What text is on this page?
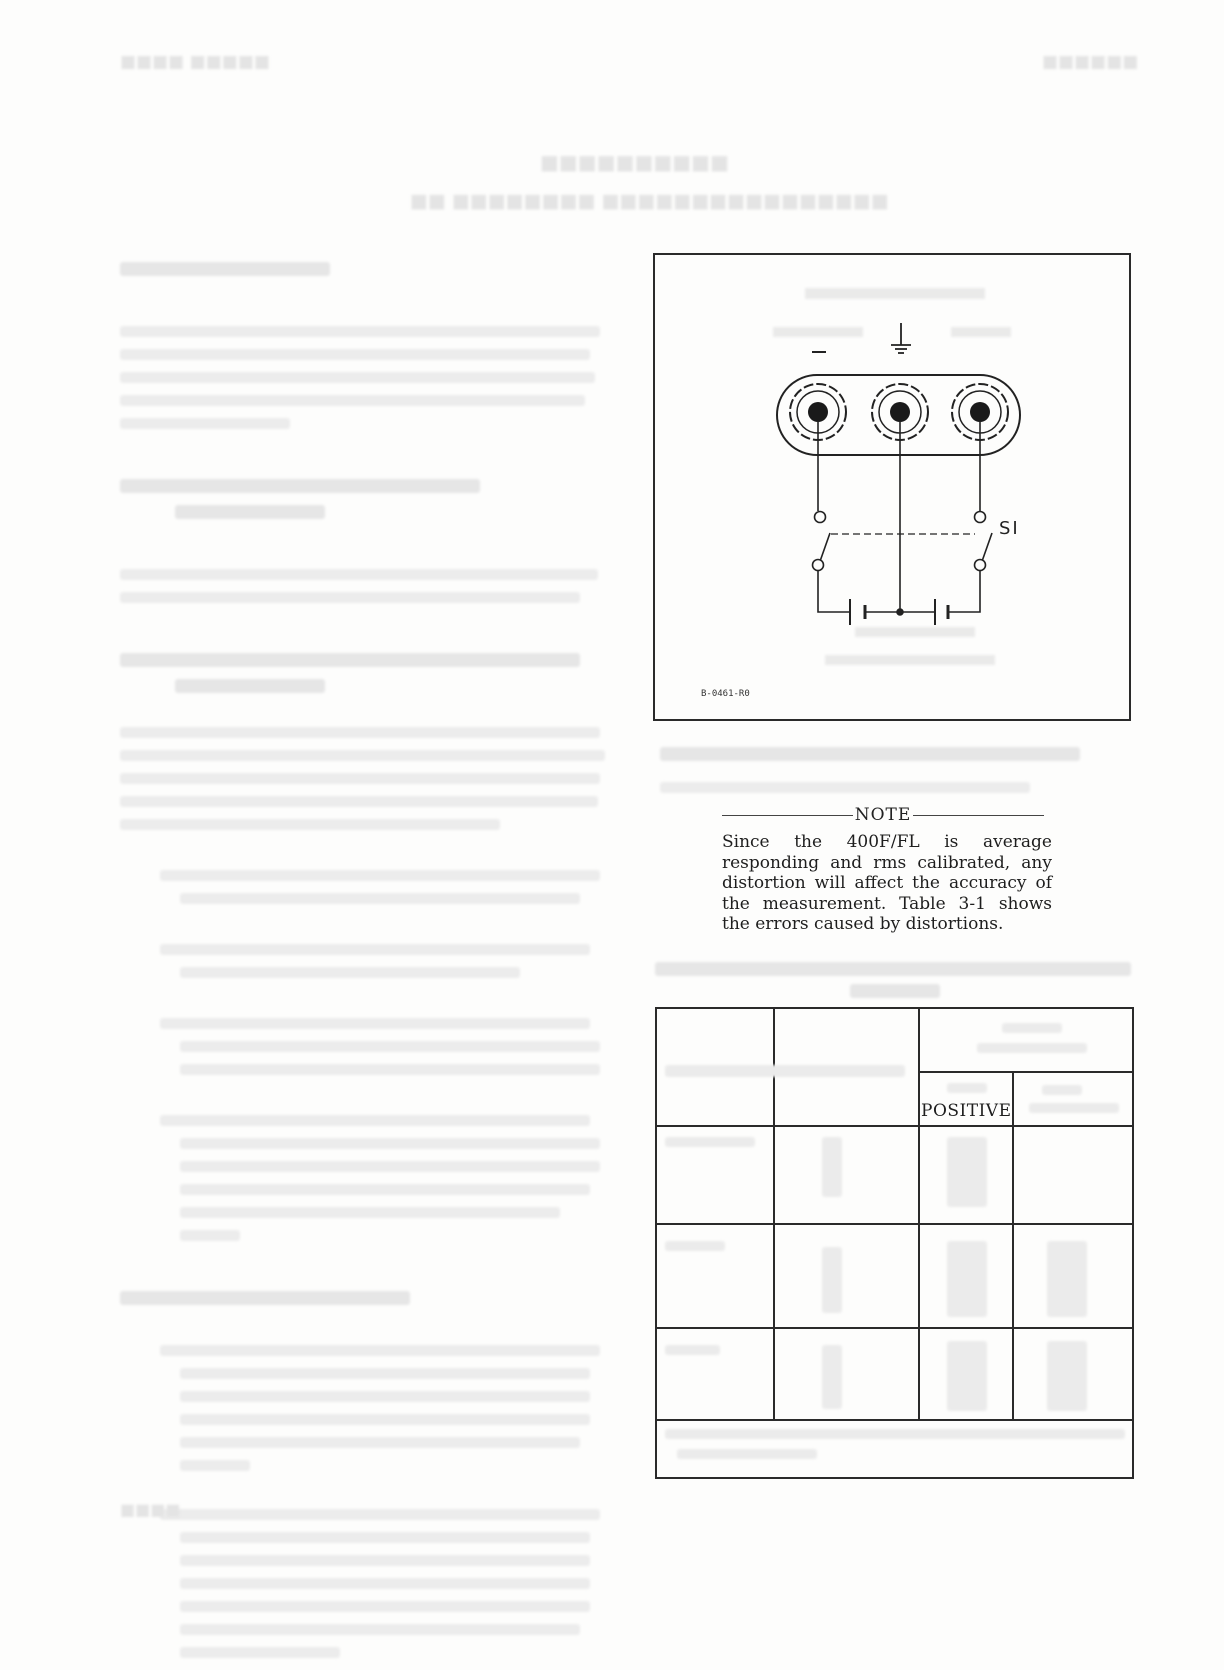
■■■■ ■■■■■	■■■■■■
■■■■■■■■■■
■■ ■■■■■■■■ ■■■■■■■■■■■■■■■■
SI
B-0461-R0
NOTE
Since the 400F/FL is average responding and rms calibrated, any distortion will affect the accuracy of the measurement. Table 3-1 shows the errors caused by distortions.
POSITIVE
■■■■
